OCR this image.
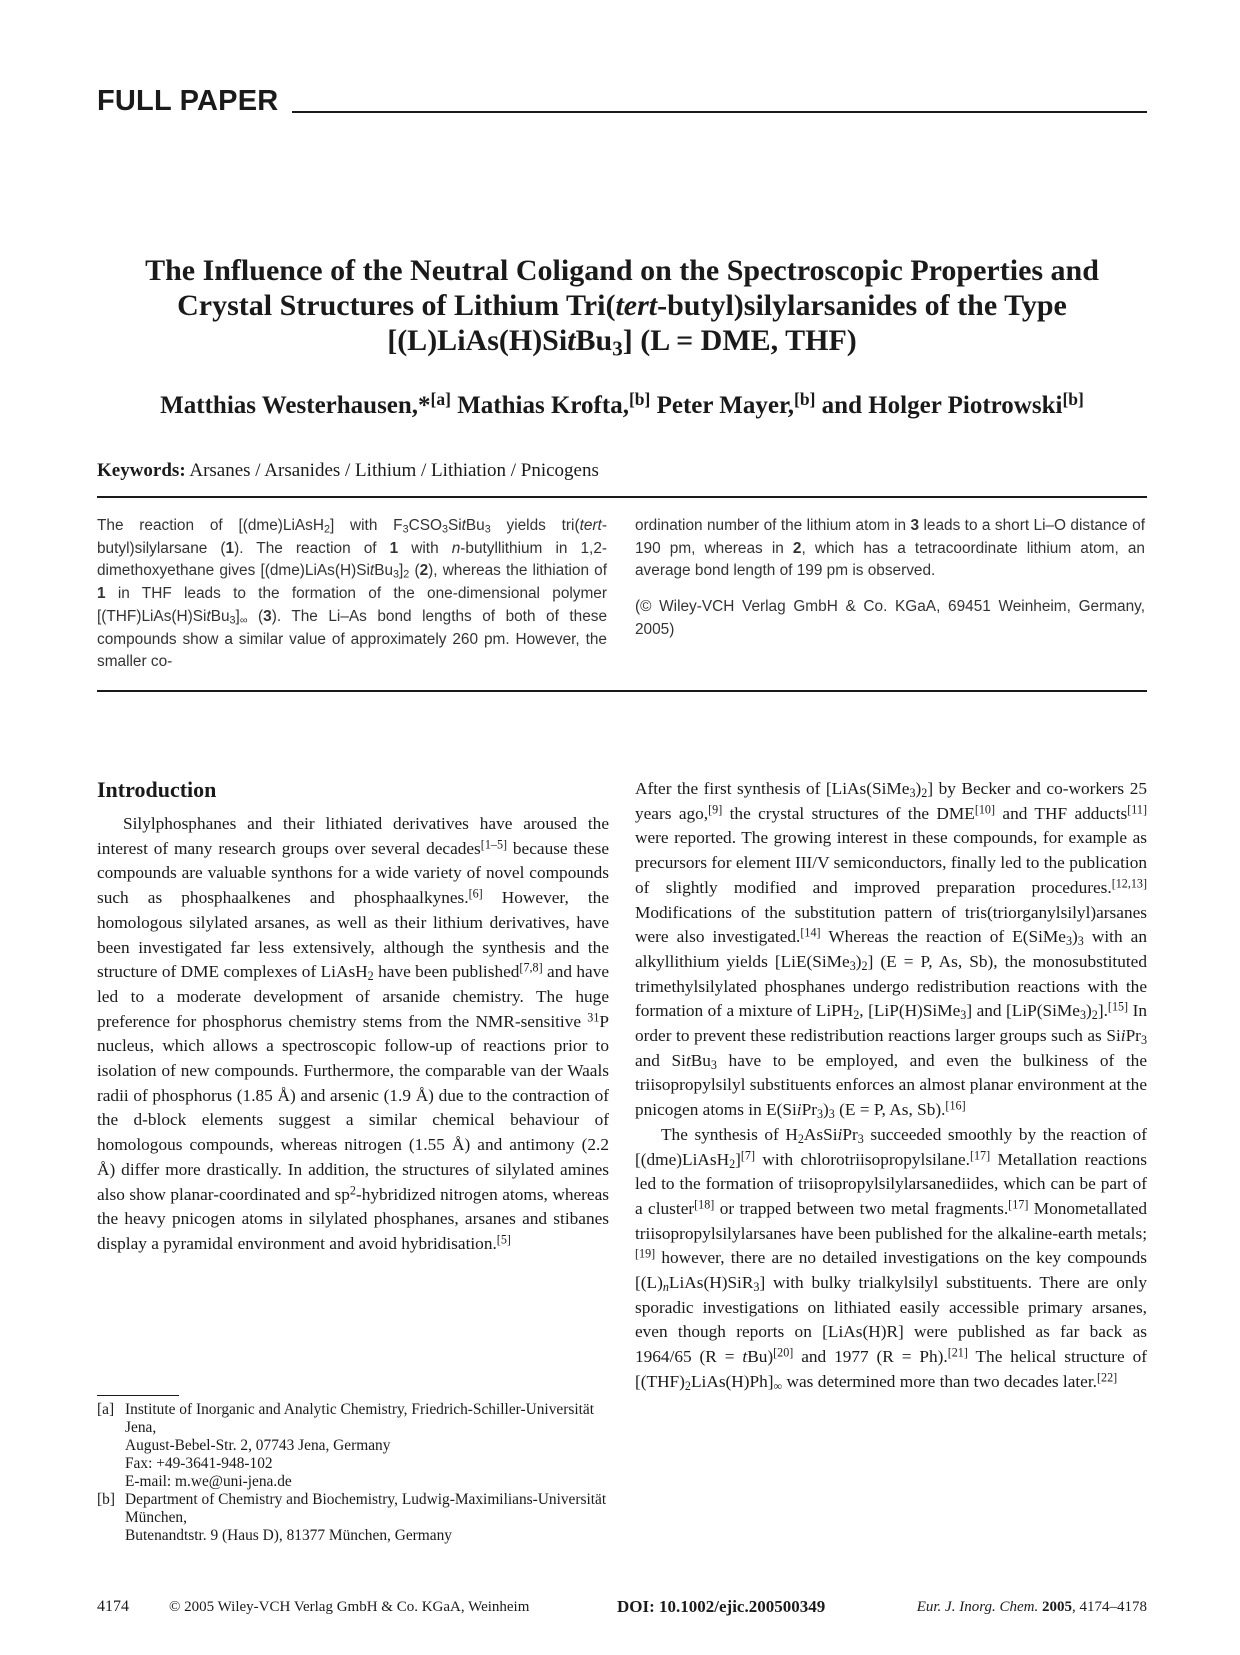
FULL PAPER
The Influence of the Neutral Coligand on the Spectroscopic Properties and
Crystal Structures of Lithium Tri(tert-butyl)silylarsanides of the Type
[(L)LiAs(H)SitBu$_3$] (L = DME, THF)

Matthias Westerhausen,*[a] Mathias Krofta,[b] Peter Mayer,[b] and Holger Piotrowski[b]

Keywords: Arsanes / Arsanides / Lithium / Lithiation / Pnicogens

The reaction of [(dme)LiAsH$_2$] with $F_3CSO_3SitBu_3$ yields tri(tert-butyl)silylarsane (1). The reaction of 1 with n-butyllithium in 1,2-dimethoxyethane gives $[(dme)LiAs(H)SitBu_3]_2$ (2), whereas the lithiation of 1 in THF leads to the formation of the one-dimensional polymer $[(THF)LiAs(H)SitBu_3]_\infty$ (3). The Li–As bond lengths of both of these compounds show a similar value of approximately 260 pm. However, the smaller co-

ordination number of the lithium atom in 3 leads to a short Li–O distance of 190 pm, whereas in 2, which has a tetracoordinate lithium atom, an average bond length of 199 pm is observed.

(© Wiley-VCH Verlag GmbH & Co. KGaA, 69451 Weinheim, Germany, 2005)

Introduction

Silylphosphanes and their lithiated derivatives have aroused the interest of many research groups over several decades[1–5] because these compounds are valuable synthons for a wide variety of novel compounds such as phosphaalkenes and phosphaalkynes.[6] However, the homologous silylated arsanes, as well as their lithium derivatives, have been investigated far less extensively, although the synthesis and the structure of DME complexes of LiAsH$_2$ have been published[7,8] and have led to a moderate development of arsanide chemistry. The huge preference for phosphorus chemistry stems from the NMR-sensitive $^{31}$P nucleus, which allows a spectroscopic follow-up of reactions prior to isolation of new compounds. Furthermore, the comparable van der Waals radii of phosphorus (1.85 Å) and arsenic (1.9 Å) due to the contraction of the d-block elements suggest a similar chemical behaviour of homologous compounds, whereas nitrogen (1.55 Å) and antimony (2.2 Å) differ more drastically. In addition, the structures of silylated amines also show planar-coordinated and $sp^2$-hybridized nitrogen atoms, whereas the heavy pnicogen atoms in silylated phosphanes, arsanes and stibanes display a pyramidal environment and avoid hybridisation.[5]

After the first synthesis of $[LiAs(SiMe_3)_2]$ by Becker and co-workers 25 years ago,[9] the crystal structures of the DME[10] and THF adducts[11] were reported. The growing interest in these compounds, for example as precursors for element III/V semiconductors, finally led to the publication of slightly modified and improved preparation procedures.[12,13] Modifications of the substitution pattern of tris(triorganylsilyl)arsanes were also investigated.[14] Whereas the reaction of $E(SiMe_3)_3$ with an alkyllithium yields $[LiE(SiMe_3)_2] (E = P$, As, Sb), the monosubstituted trimethylsilylated phosphanes undergo redistribution reactions with the formation of a mixture of LiPH$_2$, [LiP(H)SiMe$_3$] and $[LiP(SiMe_3)_2].[15]$ In order to prevent these redistribution reactions larger groups such as SiiPr$_3$ and SitBu$_3$ have to be employed, and even the bulkiness of the triisopropylsilyl substituents enforces an almost planar environment at the pnicogen atoms in $E(SiiPr_3)_3$ (E = P, As, Sb).[16]

The synthesis of $H_2AsSiiPr_3$ succeeded smoothly by the reaction of [(dme)LiAsH$_2$][7] with chlorotriisopropylsilane.[17] Metallation reactions led to the formation of triisopropylsilylarsanediides, which can be part of a cluster[18] or trapped between two metal fragments.[17] Monometallated triisopropylsilylarsanes have been published for the alkaline-earth metals;[19] however, there are no detailed investigations on the key compounds $[(L)_nLiAs(H)SiR_3]$ with bulky trialkylsilyl substituents. There are only sporadic investigations on lithiated easily accessible primary arsanes, even though reports on [LiAs(H)R] were published as far back as 1964/65 (R = tBu)[20] and 1977 (R = Ph).[21] The helical structure of $[(THF)_2LiAs(H)Ph]_\infty$ was determined more than two decades later.[22]

[a] Institute of Inorganic and Analytic Chemistry, Friedrich-Schiller-Universität Jena,
August-Bebel-Str. 2, 07743 Jena, Germany
Fax: +49-3641-948-102
E-mail: m.we@uni-jena.de
[b] Department of Chemistry and Biochemistry, Ludwig-Maximilians-Universität München,
Butenandtstr. 9 (Haus D), 81377 München, Germany
4174	© 2005 Wiley-VCH Verlag GmbH & Co. KGaA, Weinheim	DOI: 10.1002/ejic.200500349	Eur. J. Inorg. Chem. 2005, 4174–4178
